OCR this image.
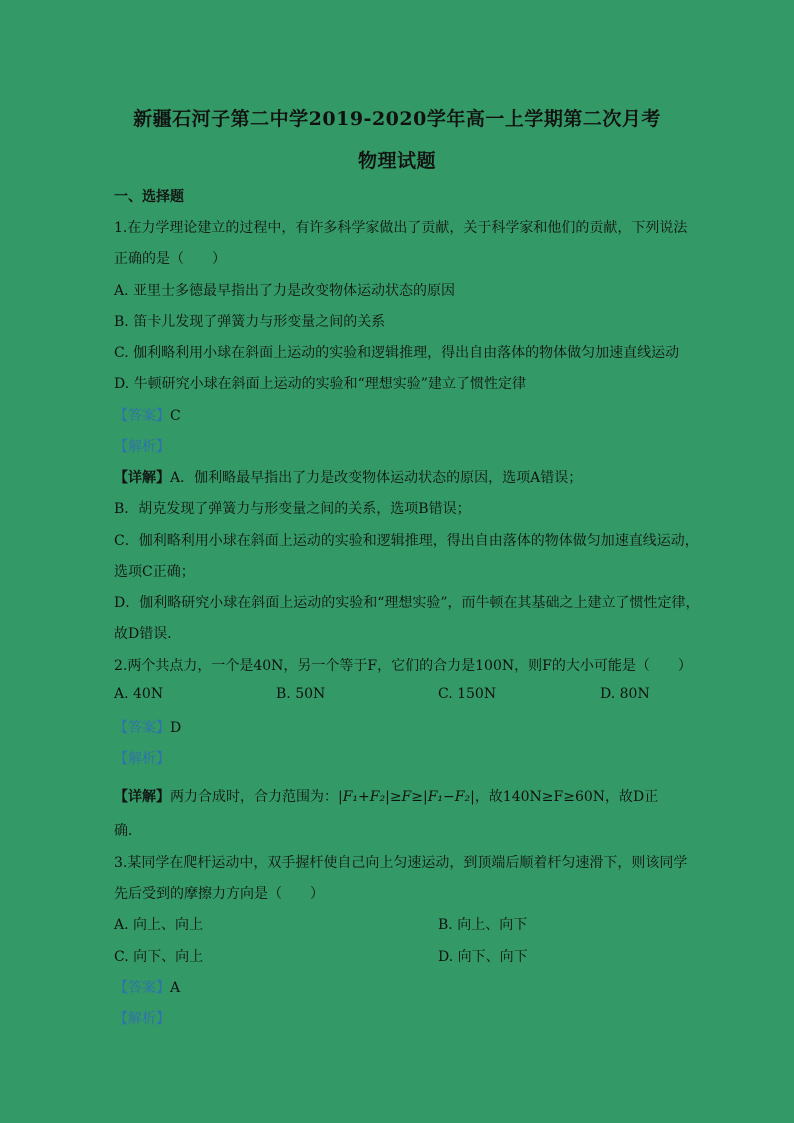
新疆石河子第二中学2019-2020学年高一上学期第二次月考
物理试题
一、选择题
1.在力学理论建立的过程中，有许多科学家做出了贡献，关于科学家和他们的贡献，下列说法
正确的是（　　）
A. 亚里士多德最早指出了力是改变物体运动状态的原因
B. 笛卡儿发现了弹簧力与形变量之间的关系
C. 伽利略利用小球在斜面上运动的实验和逻辑推理，得出自由落体的物体做匀加速直线运动
D. 牛顿研究小球在斜面上运动的实验和“理想实验”建立了惯性定律
【答案】C
【解析】
【详解】A．伽利略最早指出了力是改变物体运动状态的原因，选项A错误；
B．胡克发现了弹簧力与形变量之间的关系，选项B错误；
C．伽利略利用小球在斜面上运动的实验和逻辑推理，得出自由落体的物体做匀加速直线运动，
选项C正确；
D．伽利略研究小球在斜面上运动的实验和“理想实验”，而牛顿在其基础之上建立了惯性定律，
故D错误．
2.两个共点力，一个是40N，另一个等于F，它们的合力是100N，则F的大小可能是（　　）
A. 40N	B. 50N	C. 150N	D. 80N
【答案】D
【解析】
【详解】两力合成时，合力范围为：|F₁+F₂|≥F≥|F₁−F₂|，故140N≥F≥60N，故D正
确．
3.某同学在爬杆运动中，双手握杆使自己向上匀速运动，到顶端后顺着杆匀速滑下，则该同学
先后受到的摩擦力方向是（　　）
A. 向上、向上	B. 向上、向下
C. 向下、向上	D. 向下、向下
【答案】A
【解析】
